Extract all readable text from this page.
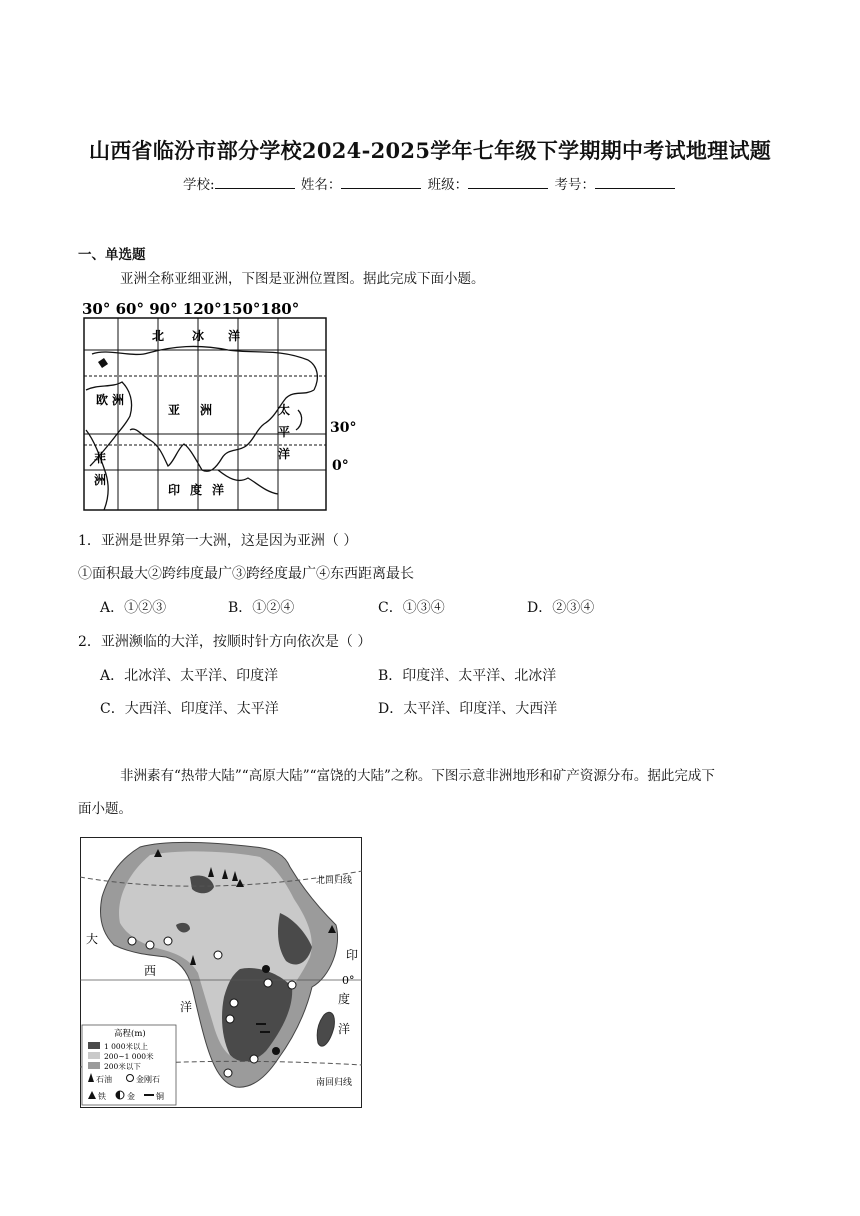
山西省临汾市部分学校2024-2025学年七年级下学期期中考试地理试题
学校:	姓名：	班级：	考号：
一、单选题
亚洲全称亚细亚洲，下图是亚洲位置图。据此完成下面小题。
30° 60° 90° 120°150°180°
北 冰 洋
欧 洲
亚 洲	太
平
洋
非
洲
印 度 洋
30°
0°
1．亚洲是世界第一大洲，这是因为亚洲（ ）
①面积最大②跨纬度最广③跨经度最广④东西距离最长
A．①②③	B．①②④	C．①③④	D．②③④
2．亚洲濒临的大洋，按顺时针方向依次是（ ）
A．北冰洋、太平洋、印度洋	B．印度洋、太平洋、北冰洋
C．大西洋、印度洋、太平洋	D．太平洋、印度洋、大西洋
非洲素有“热带大陆”“高原大陆”“富饶的大陆”之称。下图示意非洲地形和矿产资源分布。据此完成下
面小题。
北回归线
南回归线
0°
大
西
洋
印
度
洋
高程(m)
1 000米以上
200~1 000米
200米以下
石油	金刚石
铁	金	铜
